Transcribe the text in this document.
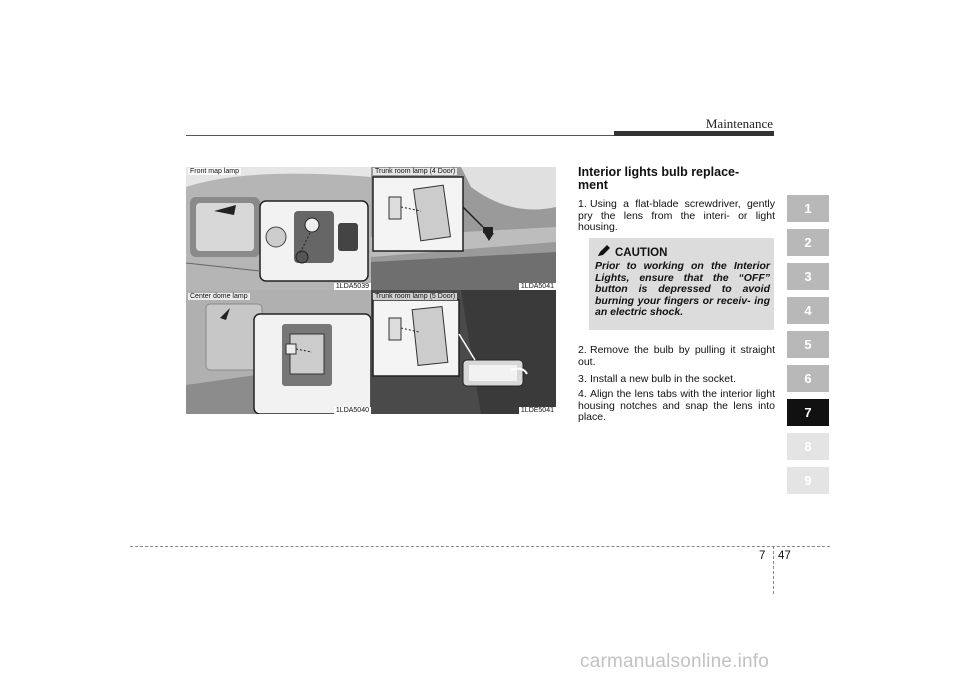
Maintenance
Front map lamp
1LDA5039
Trunk room lamp (4 Door)
1LDA5041
Center dome lamp
1LDA5040
Trunk room lamp (5 Door)
1LDE5041
Interior lights bulb replace-
ment
1. Using a flat-blade screwdriver, gently pry the lens from the interi- or light housing.
CAUTION
Prior to working on the Interior Lights, ensure that the “OFF” button is depressed to avoid burning your fingers or receiv- ing an electric shock.
2. Remove the bulb by pulling it straight out.
3. Install a new bulb in the socket.
4. Align the lens tabs with the interior light housing notches and snap the lens into place.
1
2
3
4
5
6
7
8
9
7 47
carmanualsonline.info
